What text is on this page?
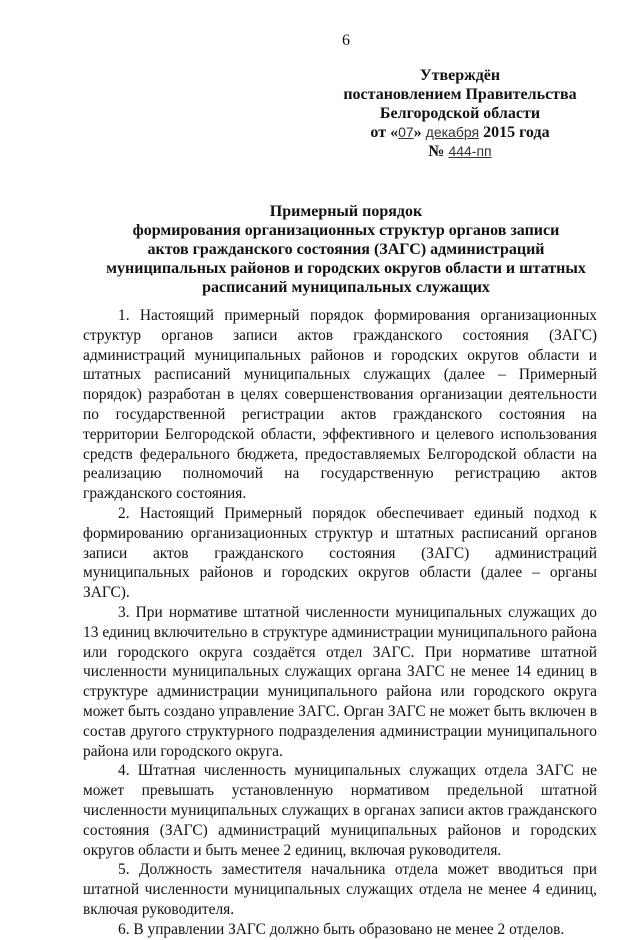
6
Утверждён
постановлением Правительства
Белгородской области
от «07» декабря 2015 года
№ 444-пп
Примерный порядок
формирования организационных структур органов записи
актов гражданского состояния (ЗАГС) администраций
муниципальных районов и городских округов области и штатных
расписаний муниципальных служащих

1. Настоящий примерный порядок формирования организационных структур органов записи актов гражданского состояния (ЗАГС) администраций муниципальных районов и городских округов области и штатных расписаний муниципальных служащих (далее – Примерный порядок) разработан в целях совершенствования организации деятельности по государственной регистрации актов гражданского состояния на территории Белгородской области, эффективного и целевого использования средств федерального бюджета, предоставляемых Белгородской области на реализацию полномочий на государственную регистрацию актов гражданского состояния.

2. Настоящий Примерный порядок обеспечивает единый подход к формированию организационных структур и штатных расписаний органов записи актов гражданского состояния (ЗАГС) администраций муниципальных районов и городских округов области (далее – органы ЗАГС).

3. При нормативе штатной численности муниципальных служащих до 13 единиц включительно в структуре администрации муниципального района или городского округа создаётся отдел ЗАГС. При нормативе штатной численности муниципальных служащих органа ЗАГС не менее 14 единиц в структуре администрации муниципального района или городского округа может быть создано управление ЗАГС. Орган ЗАГС не может быть включен в состав другого структурного подразделения администрации муниципального района или городского округа.

4. Штатная численность муниципальных служащих отдела ЗАГС не может превышать установленную нормативом предельной штатной численности муниципальных служащих в органах записи актов гражданского состояния (ЗАГС) администраций муниципальных районов и городских округов области и быть менее 2 единиц, включая руководителя.

5. Должность заместителя начальника отдела может вводиться при штатной численности муниципальных служащих отдела не менее 4 единиц, включая руководителя.

6. В управлении ЗАГС должно быть образовано не менее 2 отделов.
